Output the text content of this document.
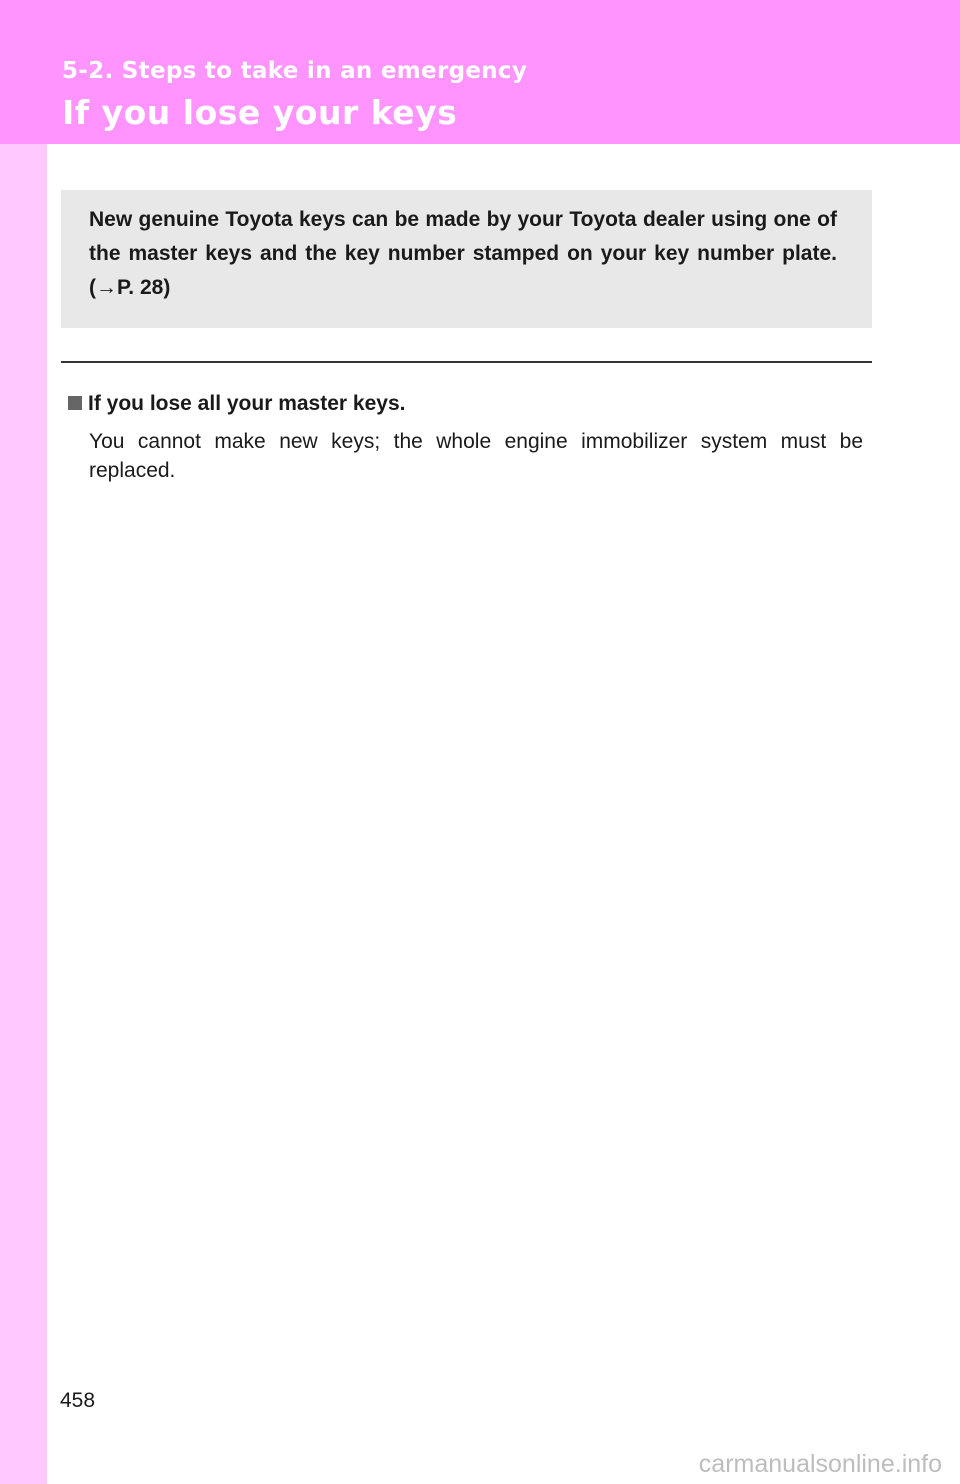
5-2. Steps to take in an emergency
If you lose your keys

New genuine Toyota keys can be made by your Toyota dealer using one of the master keys and the key number stamped on your key number plate. (→P. 28)

If you lose all your master keys.

You cannot make new keys; the whole engine immobilizer system must be replaced.

458
carmanualsonline.info
